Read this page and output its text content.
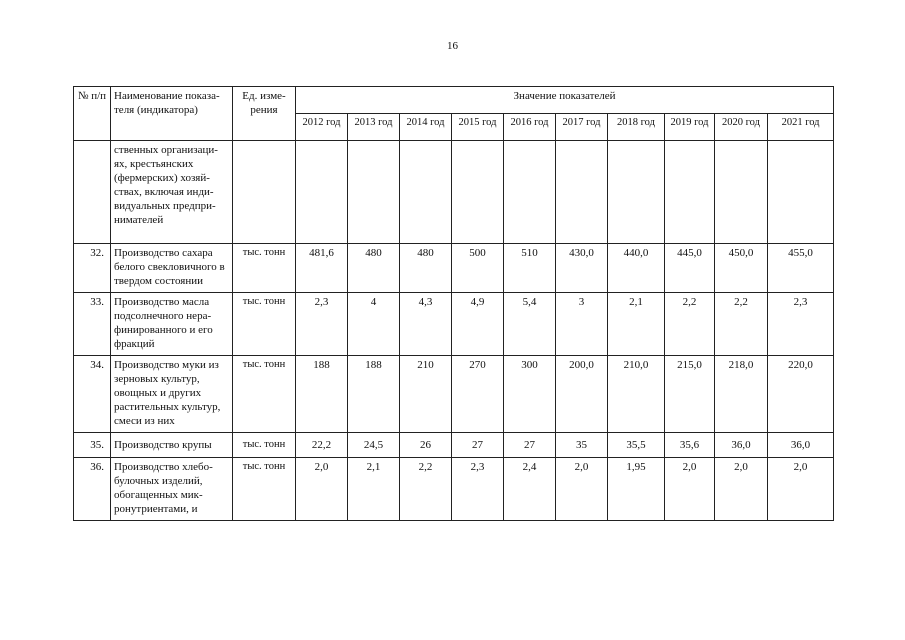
16
№ п/п	Наименование показа-теля (индикатора)	Ед. изме-рения	Значение показателей									
			2012 год	2013 год	2014 год	2015 год	2016 год	2017 год	2018 год	2019 год	2020 год	2021 год
	ственных организаци-ях, крестьянских (фермерских) хозяй-ствах, включая инди-видуальных предпри-нимателей											
32.	Производство сахара белого свекловичного в твердом состоянии	тыс. тонн	481,6	480	480	500	510	430,0	440,0	445,0	450,0	455,0
33.	Производство масла подсолнечного нера-финированного и его фракций	тыс. тонн	2,3	4	4,3	4,9	5,4	3	2,1	2,2	2,2	2,3
34.	Производство муки из зерновых культур, овощных и других растительных культур, смеси из них	тыс. тонн	188	188	210	270	300	200,0	210,0	215,0	218,0	220,0
35.	Производство крупы	тыс. тонн	22,2	24,5	26	27	27	35	35,5	35,6	36,0	36,0
36.	Производство хлебо-булочных изделий, обогащенных мик-ронутриентами, и	тыс. тонн	2,0	2,1	2,2	2,3	2,4	2,0	1,95	2,0	2,0	2,0
